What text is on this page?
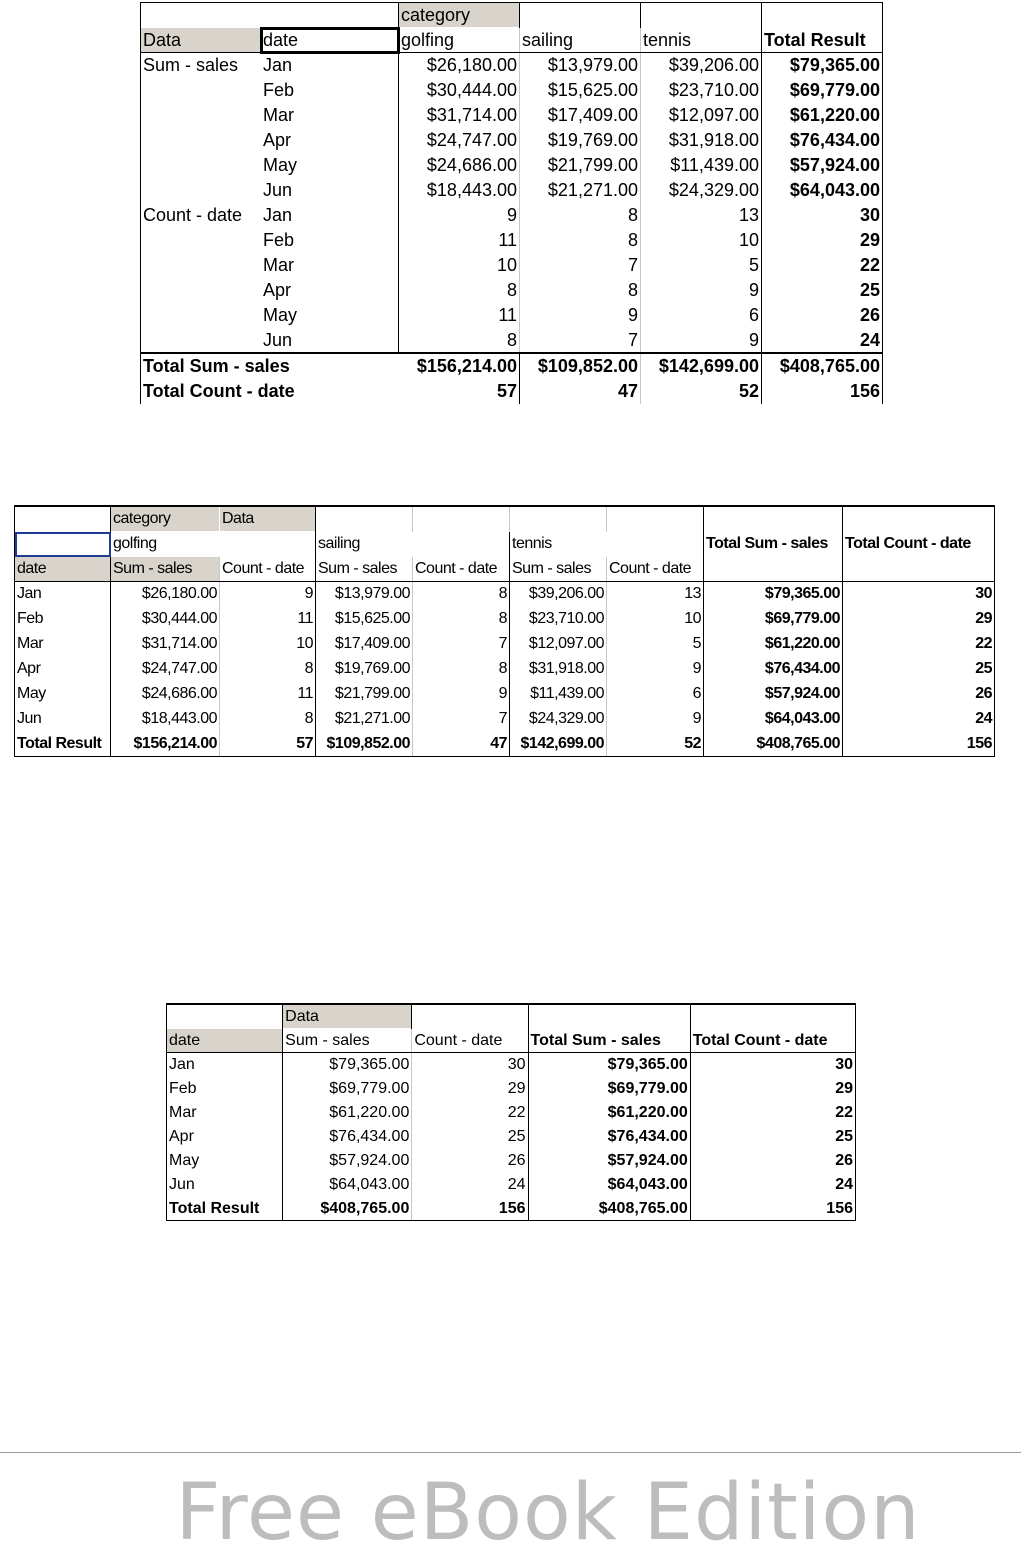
		category			
Data	date	golfing	sailing	tennis	Total Result
Sum - sales	Jan	$26,180.00	$13,979.00	$39,206.00	$79,365.00
	Feb	$30,444.00	$15,625.00	$23,710.00	$69,779.00
	Mar	$31,714.00	$17,409.00	$12,097.00	$61,220.00
	Apr	$24,747.00	$19,769.00	$31,918.00	$76,434.00
	May	$24,686.00	$21,799.00	$11,439.00	$57,924.00
	Jun	$18,443.00	$21,271.00	$24,329.00	$64,043.00
Count - date	Jan	9	8	13	30
	Feb	11	8	10	29
	Mar	10	7	5	22
	Apr	8	8	9	25
	May	11	9	6	26
	Jun	8	7	9	24
Total Sum - sales		$156,214.00	$109,852.00	$142,699.00	$408,765.00
Total Count - date		57	47	52	156
	category	Data						
	golfing		sailing		tennis		Total Sum - sales	Total Count - date
date	Sum - sales	Count - date	Sum - sales	Count - date	Sum - sales	Count - date		
Jan	$26,180.00	9	$13,979.00	8	$39,206.00	13	$79,365.00	30
Feb	$30,444.00	11	$15,625.00	8	$23,710.00	10	$69,779.00	29
Mar	$31,714.00	10	$17,409.00	7	$12,097.00	5	$61,220.00	22
Apr	$24,747.00	8	$19,769.00	8	$31,918.00	9	$76,434.00	25
May	$24,686.00	11	$21,799.00	9	$11,439.00	6	$57,924.00	26
Jun	$18,443.00	8	$21,271.00	7	$24,329.00	9	$64,043.00	24
Total Result	$156,214.00	57	$109,852.00	47	$142,699.00	52	$408,765.00	156
	Data			
date	Sum - sales	Count - date	Total Sum - sales	Total Count - date
Jan	$79,365.00	30	$79,365.00	30
Feb	$69,779.00	29	$69,779.00	29
Mar	$61,220.00	22	$61,220.00	22
Apr	$76,434.00	25	$76,434.00	25
May	$57,924.00	26	$57,924.00	26
Jun	$64,043.00	24	$64,043.00	24
Total Result	$408,765.00	156	$408,765.00	156
Free eBook Edition
